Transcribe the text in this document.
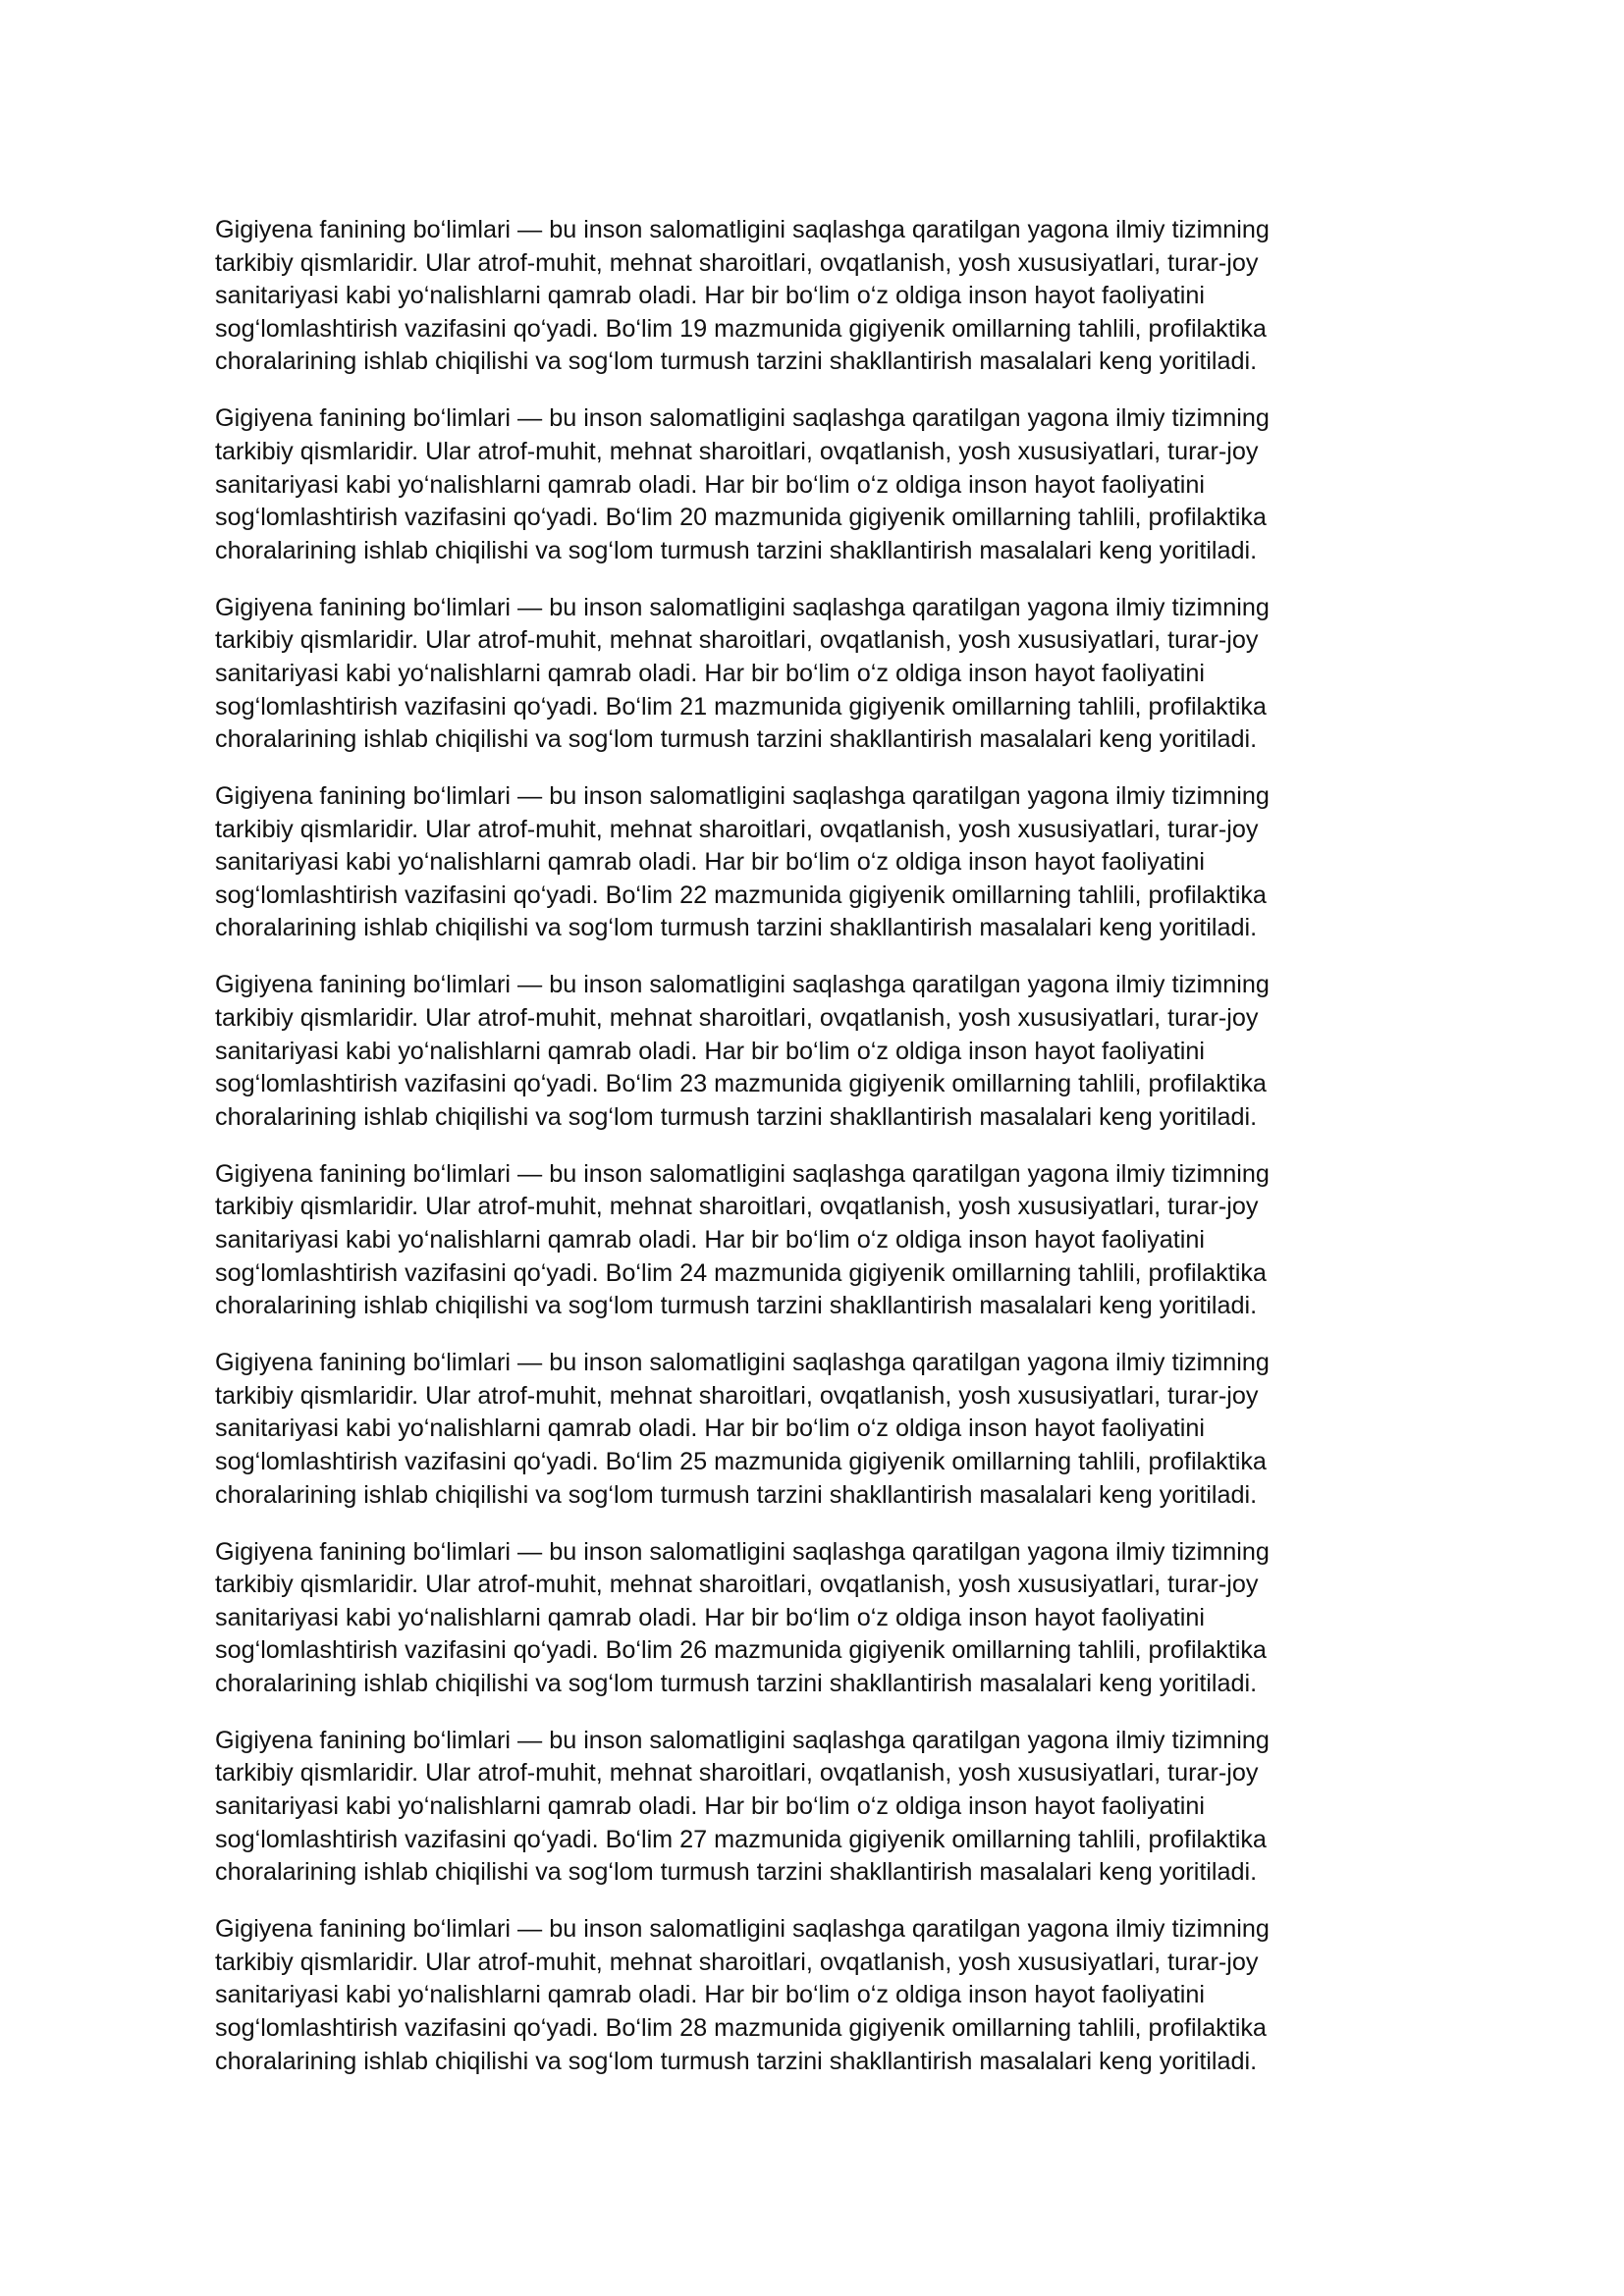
Gigiyena fanining bo‘limlari — bu inson salomatligini saqlashga qaratilgan yagona ilmiy tizimning
tarkibiy qismlaridir. Ular atrof-muhit, mehnat sharoitlari, ovqatlanish, yosh xususiyatlari, turar-joy
sanitariyasi kabi yo‘nalishlarni qamrab oladi. Har bir bo‘lim o‘z oldiga inson hayot faoliyatini
sog‘lomlashtirish vazifasini qo‘yadi. Bo‘lim 19 mazmunida gigiyenik omillarning tahlili, profilaktika
choralarining ishlab chiqilishi va sog‘lom turmush tarzini shakllantirish masalalari keng yoritiladi.

Gigiyena fanining bo‘limlari — bu inson salomatligini saqlashga qaratilgan yagona ilmiy tizimning
tarkibiy qismlaridir. Ular atrof-muhit, mehnat sharoitlari, ovqatlanish, yosh xususiyatlari, turar-joy
sanitariyasi kabi yo‘nalishlarni qamrab oladi. Har bir bo‘lim o‘z oldiga inson hayot faoliyatini
sog‘lomlashtirish vazifasini qo‘yadi. Bo‘lim 20 mazmunida gigiyenik omillarning tahlili, profilaktika
choralarining ishlab chiqilishi va sog‘lom turmush tarzini shakllantirish masalalari keng yoritiladi.

Gigiyena fanining bo‘limlari — bu inson salomatligini saqlashga qaratilgan yagona ilmiy tizimning
tarkibiy qismlaridir. Ular atrof-muhit, mehnat sharoitlari, ovqatlanish, yosh xususiyatlari, turar-joy
sanitariyasi kabi yo‘nalishlarni qamrab oladi. Har bir bo‘lim o‘z oldiga inson hayot faoliyatini
sog‘lomlashtirish vazifasini qo‘yadi. Bo‘lim 21 mazmunida gigiyenik omillarning tahlili, profilaktika
choralarining ishlab chiqilishi va sog‘lom turmush tarzini shakllantirish masalalari keng yoritiladi.

Gigiyena fanining bo‘limlari — bu inson salomatligini saqlashga qaratilgan yagona ilmiy tizimning
tarkibiy qismlaridir. Ular atrof-muhit, mehnat sharoitlari, ovqatlanish, yosh xususiyatlari, turar-joy
sanitariyasi kabi yo‘nalishlarni qamrab oladi. Har bir bo‘lim o‘z oldiga inson hayot faoliyatini
sog‘lomlashtirish vazifasini qo‘yadi. Bo‘lim 22 mazmunida gigiyenik omillarning tahlili, profilaktika
choralarining ishlab chiqilishi va sog‘lom turmush tarzini shakllantirish masalalari keng yoritiladi.

Gigiyena fanining bo‘limlari — bu inson salomatligini saqlashga qaratilgan yagona ilmiy tizimning
tarkibiy qismlaridir. Ular atrof-muhit, mehnat sharoitlari, ovqatlanish, yosh xususiyatlari, turar-joy
sanitariyasi kabi yo‘nalishlarni qamrab oladi. Har bir bo‘lim o‘z oldiga inson hayot faoliyatini
sog‘lomlashtirish vazifasini qo‘yadi. Bo‘lim 23 mazmunida gigiyenik omillarning tahlili, profilaktika
choralarining ishlab chiqilishi va sog‘lom turmush tarzini shakllantirish masalalari keng yoritiladi.

Gigiyena fanining bo‘limlari — bu inson salomatligini saqlashga qaratilgan yagona ilmiy tizimning
tarkibiy qismlaridir. Ular atrof-muhit, mehnat sharoitlari, ovqatlanish, yosh xususiyatlari, turar-joy
sanitariyasi kabi yo‘nalishlarni qamrab oladi. Har bir bo‘lim o‘z oldiga inson hayot faoliyatini
sog‘lomlashtirish vazifasini qo‘yadi. Bo‘lim 24 mazmunida gigiyenik omillarning tahlili, profilaktika
choralarining ishlab chiqilishi va sog‘lom turmush tarzini shakllantirish masalalari keng yoritiladi.

Gigiyena fanining bo‘limlari — bu inson salomatligini saqlashga qaratilgan yagona ilmiy tizimning
tarkibiy qismlaridir. Ular atrof-muhit, mehnat sharoitlari, ovqatlanish, yosh xususiyatlari, turar-joy
sanitariyasi kabi yo‘nalishlarni qamrab oladi. Har bir bo‘lim o‘z oldiga inson hayot faoliyatini
sog‘lomlashtirish vazifasini qo‘yadi. Bo‘lim 25 mazmunida gigiyenik omillarning tahlili, profilaktika
choralarining ishlab chiqilishi va sog‘lom turmush tarzini shakllantirish masalalari keng yoritiladi.

Gigiyena fanining bo‘limlari — bu inson salomatligini saqlashga qaratilgan yagona ilmiy tizimning
tarkibiy qismlaridir. Ular atrof-muhit, mehnat sharoitlari, ovqatlanish, yosh xususiyatlari, turar-joy
sanitariyasi kabi yo‘nalishlarni qamrab oladi. Har bir bo‘lim o‘z oldiga inson hayot faoliyatini
sog‘lomlashtirish vazifasini qo‘yadi. Bo‘lim 26 mazmunida gigiyenik omillarning tahlili, profilaktika
choralarining ishlab chiqilishi va sog‘lom turmush tarzini shakllantirish masalalari keng yoritiladi.

Gigiyena fanining bo‘limlari — bu inson salomatligini saqlashga qaratilgan yagona ilmiy tizimning
tarkibiy qismlaridir. Ular atrof-muhit, mehnat sharoitlari, ovqatlanish, yosh xususiyatlari, turar-joy
sanitariyasi kabi yo‘nalishlarni qamrab oladi. Har bir bo‘lim o‘z oldiga inson hayot faoliyatini
sog‘lomlashtirish vazifasini qo‘yadi. Bo‘lim 27 mazmunida gigiyenik omillarning tahlili, profilaktika
choralarining ishlab chiqilishi va sog‘lom turmush tarzini shakllantirish masalalari keng yoritiladi.

Gigiyena fanining bo‘limlari — bu inson salomatligini saqlashga qaratilgan yagona ilmiy tizimning
tarkibiy qismlaridir. Ular atrof-muhit, mehnat sharoitlari, ovqatlanish, yosh xususiyatlari, turar-joy
sanitariyasi kabi yo‘nalishlarni qamrab oladi. Har bir bo‘lim o‘z oldiga inson hayot faoliyatini
sog‘lomlashtirish vazifasini qo‘yadi. Bo‘lim 28 mazmunida gigiyenik omillarning tahlili, profilaktika
choralarining ishlab chiqilishi va sog‘lom turmush tarzini shakllantirish masalalari keng yoritiladi.
